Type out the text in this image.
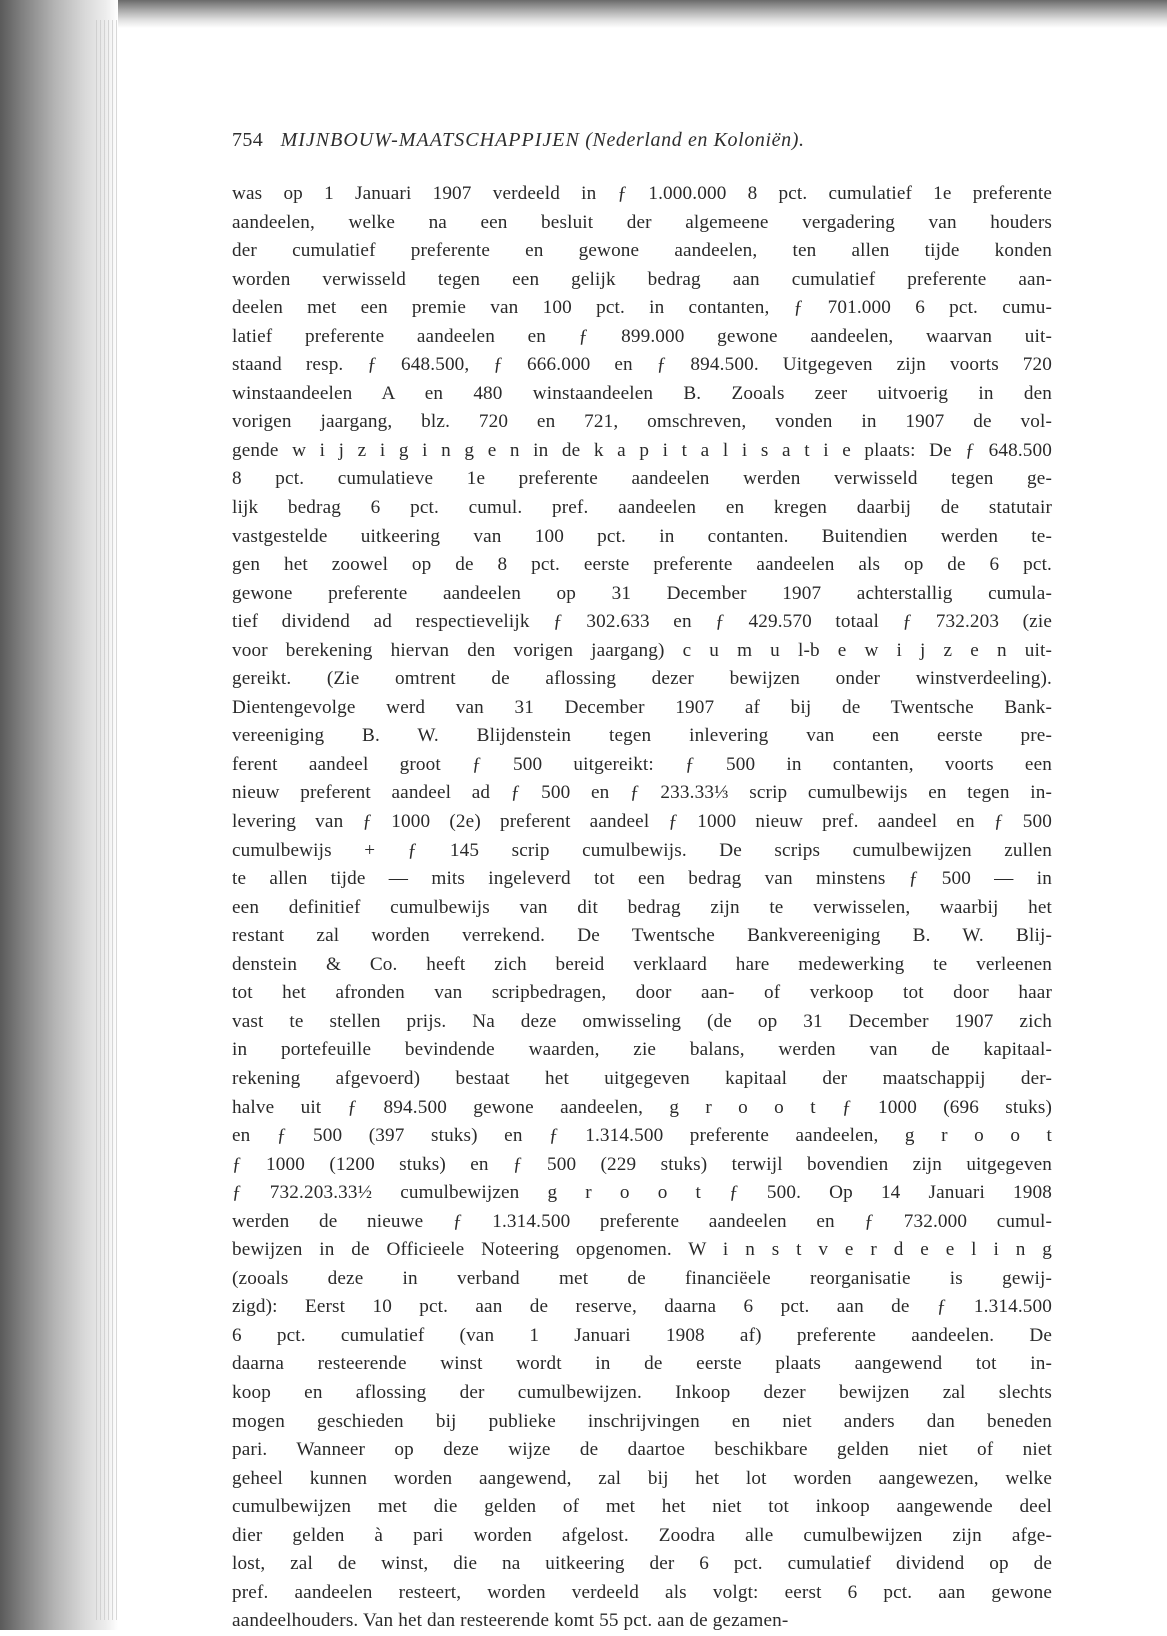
754 MIJNBOUW-MAATSCHAPPIJEN (Nederland en Koloniën).
was op 1 Januari 1907 verdeeld in ƒ 1.000.000 8 pct. cumulatief 1e preferente
aandeelen, welke na een besluit der algemeene vergadering van houders
der cumulatief preferente en gewone aandeelen, ten allen tijde konden
worden verwisseld tegen een gelijk bedrag aan cumulatief preferente aan-
deelen met een premie van 100 pct. in contanten, ƒ 701.000 6 pct. cumu-
latief preferente aandeelen en ƒ 899.000 gewone aandeelen, waarvan uit-
staand resp. ƒ 648.500, ƒ 666.000 en ƒ 894.500. Uitgegeven zijn voorts 720
winstaandeelen A en 480 winstaandeelen B. Zooals zeer uitvoerig in den
vorigen jaargang, blz. 720 en 721, omschreven, vonden in 1907 de vol-
gende w i j z i g i n g e n in de k a p i t a l i s a t i e plaats: De ƒ 648.500
8 pct. cumulatieve 1e preferente aandeelen werden verwisseld tegen ge-
lijk bedrag 6 pct. cumul. pref. aandeelen en kregen daarbij de statutair
vastgestelde uitkeering van 100 pct. in contanten. Buitendien werden te-
gen het zoowel op de 8 pct. eerste preferente aandeelen als op de 6 pct.
gewone preferente aandeelen op 31 December 1907 achterstallig cumula-
tief dividend ad respectievelijk ƒ 302.633 en ƒ 429.570 totaal ƒ 732.203 (zie
voor berekening hiervan den vorigen jaargang) c u m u l-b e w i j z e n uit-
gereikt. (Zie omtrent de aflossing dezer bewijzen onder winstverdeeling).
Dientengevolge werd van 31 December 1907 af bij de Twentsche Bank-
vereeniging B. W. Blijdenstein tegen inlevering van een eerste pre-
ferent aandeel groot ƒ 500 uitgereikt: ƒ 500 in contanten, voorts een
nieuw preferent aandeel ad ƒ 500 en ƒ 233.33⅓ scrip cumulbewijs en tegen in-
levering van ƒ 1000 (2e) preferent aandeel ƒ 1000 nieuw pref. aandeel en ƒ 500
cumulbewijs + ƒ 145 scrip cumulbewijs. De scrips cumulbewijzen zullen
te allen tijde — mits ingeleverd tot een bedrag van minstens ƒ 500 — in
een definitief cumulbewijs van dit bedrag zijn te verwisselen, waarbij het
restant zal worden verrekend. De Twentsche Bankvereeniging B. W. Blij-
denstein & Co. heeft zich bereid verklaard hare medewerking te verleenen
tot het afronden van scripbedragen, door aan- of verkoop tot door haar
vast te stellen prijs. Na deze omwisseling (de op 31 December 1907 zich
in portefeuille bevindende waarden, zie balans, werden van de kapitaal-
rekening afgevoerd) bestaat het uitgegeven kapitaal der maatschappij der-
halve uit ƒ 894.500 gewone aandeelen, g r o o t ƒ 1000 (696 stuks)
en ƒ 500 (397 stuks) en ƒ 1.314.500 preferente aandeelen, g r o o t
ƒ 1000 (1200 stuks) en ƒ 500 (229 stuks) terwijl bovendien zijn uitgegeven
ƒ 732.203.33½ cumulbewijzen g r o o t ƒ 500. Op 14 Januari 1908
werden de nieuwe ƒ 1.314.500 preferente aandeelen en ƒ 732.000 cumul-
bewijzen in de Officieele Noteering opgenomen. W i n s t v e r d e e l i n g
(zooals deze in verband met de financiëele reorganisatie is gewij-
zigd): Eerst 10 pct. aan de reserve, daarna 6 pct. aan de ƒ 1.314.500
6 pct. cumulatief (van 1 Januari 1908 af) preferente aandeelen. De
daarna resteerende winst wordt in de eerste plaats aangewend tot in-
koop en aflossing der cumulbewijzen. Inkoop dezer bewijzen zal slechts
mogen geschieden bij publieke inschrijvingen en niet anders dan beneden
pari. Wanneer op deze wijze de daartoe beschikbare gelden niet of niet
geheel kunnen worden aangewend, zal bij het lot worden aangewezen, welke
cumulbewijzen met die gelden of met het niet tot inkoop aangewende deel
dier gelden à pari worden afgelost. Zoodra alle cumulbewijzen zijn afge-
lost, zal de winst, die na uitkeering der 6 pct. cumulatief dividend op de
pref. aandeelen resteert, worden verdeeld als volgt: eerst 6 pct. aan gewone
aandeelhouders. Van het dan resteerende komt 55 pct. aan de gezamen-
